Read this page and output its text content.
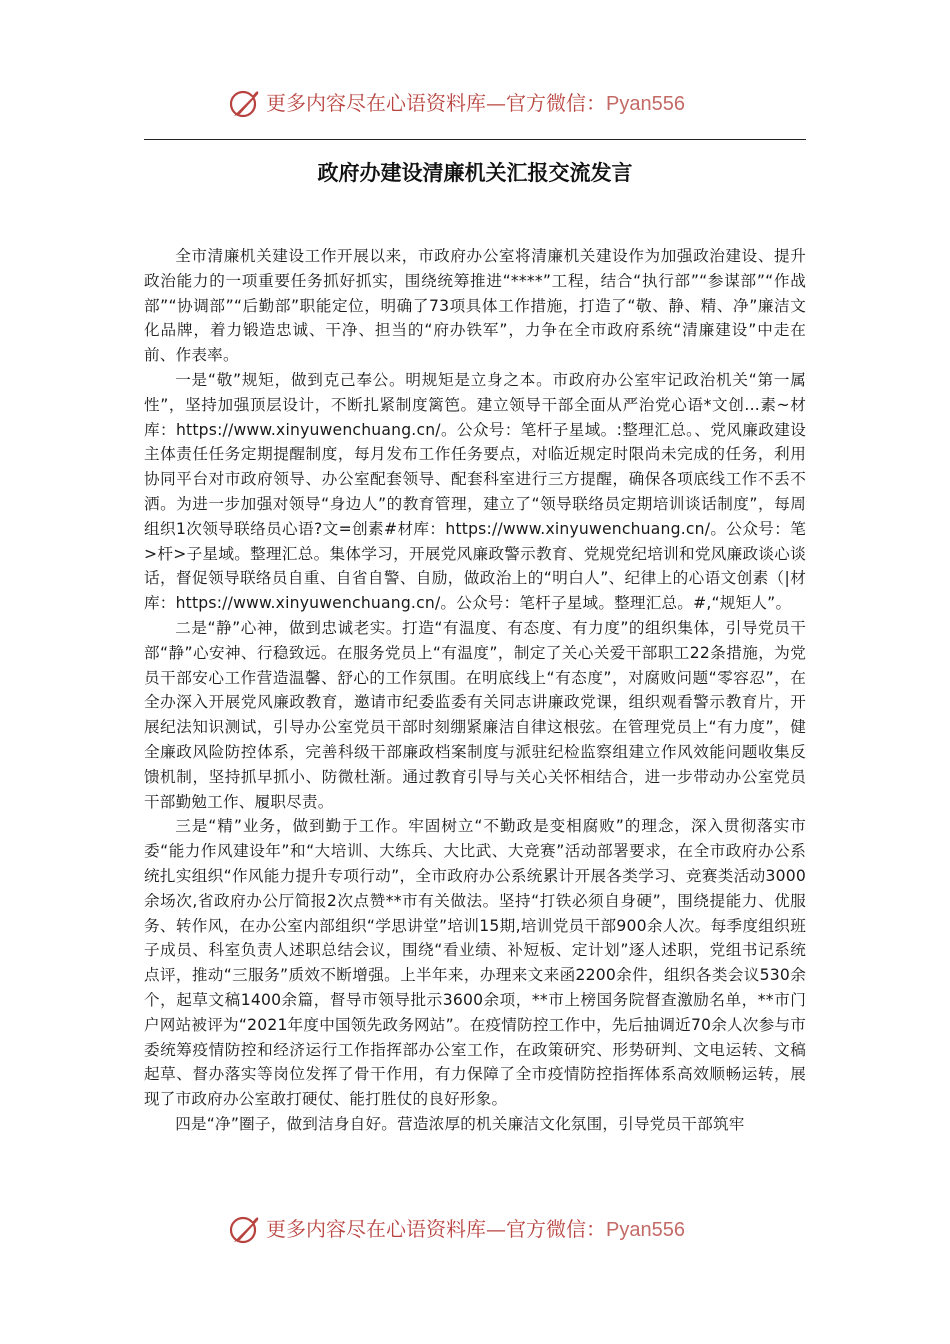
更多内容尽在心语资料库—官方微信：Pyan556
政府办建设清廉机关汇报交流发言

全市清廉机关建设工作开展以来，市政府办公室将清廉机关建设作为加强政治建设、提升政治能力的一项重要任务抓好抓实，围绕统筹推进“****”工程，结合“执行部”“参谋部”“作战部”“协调部”“后勤部”职能定位，明确了73项具体工作措施，打造了“敬、静、精、净”廉洁文化品牌，着力锻造忠诚、干净、担当的“府办铁军”，力争在全市政府系统“清廉建设”中走在前、作表率。

一是“敬”规矩，做到克己奉公。明规矩是立身之本。市政府办公室牢记政治机关“第一属性”，坚持加强顶层设计，不断扎紧制度篱笆。建立领导干部全面从严治党心语*文创...素~材库：https://www.xinyuwenchuang.cn/。公众号：笔杆子星域。:整理汇总。、党风廉政建设主体责任任务定期提醒制度，每月发布工作任务要点，对临近规定时限尚未完成的任务，利用协同平台对市政府领导、办公室配套领导、配套科室进行三方提醒，确保各项底线工作不丢不洒。为进一步加强对领导“身边人”的教育管理，建立了“领导联络员定期培训谈话制度”，每周组织1次领导联络员心语?文=创素#材库：https://www.xinyuwenchuang.cn/。公众号：笔>杆>子星域。整理汇总。集体学习，开展党风廉政警示教育、党规党纪培训和党风廉政谈心谈话，督促领导联络员自重、自省自警、自励，做政治上的“明白人”、纪律上的心语文创素（|材库：https://www.xinyuwenchuang.cn/。公众号：笔杆子星域。整理汇总。#,“规矩人”。

二是“静”心神，做到忠诚老实。打造“有温度、有态度、有力度”的组织集体，引导党员干部“静”心安神、行稳致远。在服务党员上“有温度”，制定了关心关爱干部职工22条措施，为党员干部安心工作营造温馨、舒心的工作氛围。在明底线上“有态度”，对腐败问题“零容忍”，在全办深入开展党风廉政教育，邀请市纪委监委有关同志讲廉政党课，组织观看警示教育片，开展纪法知识测试，引导办公室党员干部时刻绷紧廉洁自律这根弦。在管理党员上“有力度”，健全廉政风险防控体系，完善科级干部廉政档案制度与派驻纪检监察组建立作风效能问题收集反馈机制，坚持抓早抓小、防微杜渐。通过教育引导与关心关怀相结合，进一步带动办公室党员干部勤勉工作、履职尽责。

三是“精”业务，做到勤于工作。牢固树立“不勤政是变相腐败”的理念，深入贯彻落实市委“能力作风建设年”和“大培训、大练兵、大比武、大竞赛”活动部署要求，在全市政府办公系统扎实组织“作风能力提升专项行动”，全市政府办公系统累计开展各类学习、竞赛类活动3000余场次,省政府办公厅简报2次点赞**市有关做法。坚持“打铁必须自身硬”，围绕提能力、优服务、转作风，在办公室内部组织“学思讲堂”培训15期,培训党员干部900余人次。每季度组织班子成员、科室负责人述职总结会议，围绕“看业绩、补短板、定计划”逐人述职，党组书记系统点评，推动“三服务”质效不断增强。上半年来，办理来文来函2200余件，组织各类会议530余个，起草文稿1400余篇，督导市领导批示3600余项，**市上榜国务院督查激励名单，**市门户网站被评为“2021年度中国领先政务网站”。在疫情防控工作中，先后抽调近70余人次参与市委统筹疫情防控和经济运行工作指挥部办公室工作，在政策研究、形势研判、文电运转、文稿起草、督办落实等岗位发挥了骨干作用，有力保障了全市疫情防控指挥体系高效顺畅运转，展现了市政府办公室敢打硬仗、能打胜仗的良好形象。

四是“净”圈子，做到洁身自好。营造浓厚的机关廉洁文化氛围，引导党员干部筑牢

更多内容尽在心语资料库—官方微信：Pyan556
